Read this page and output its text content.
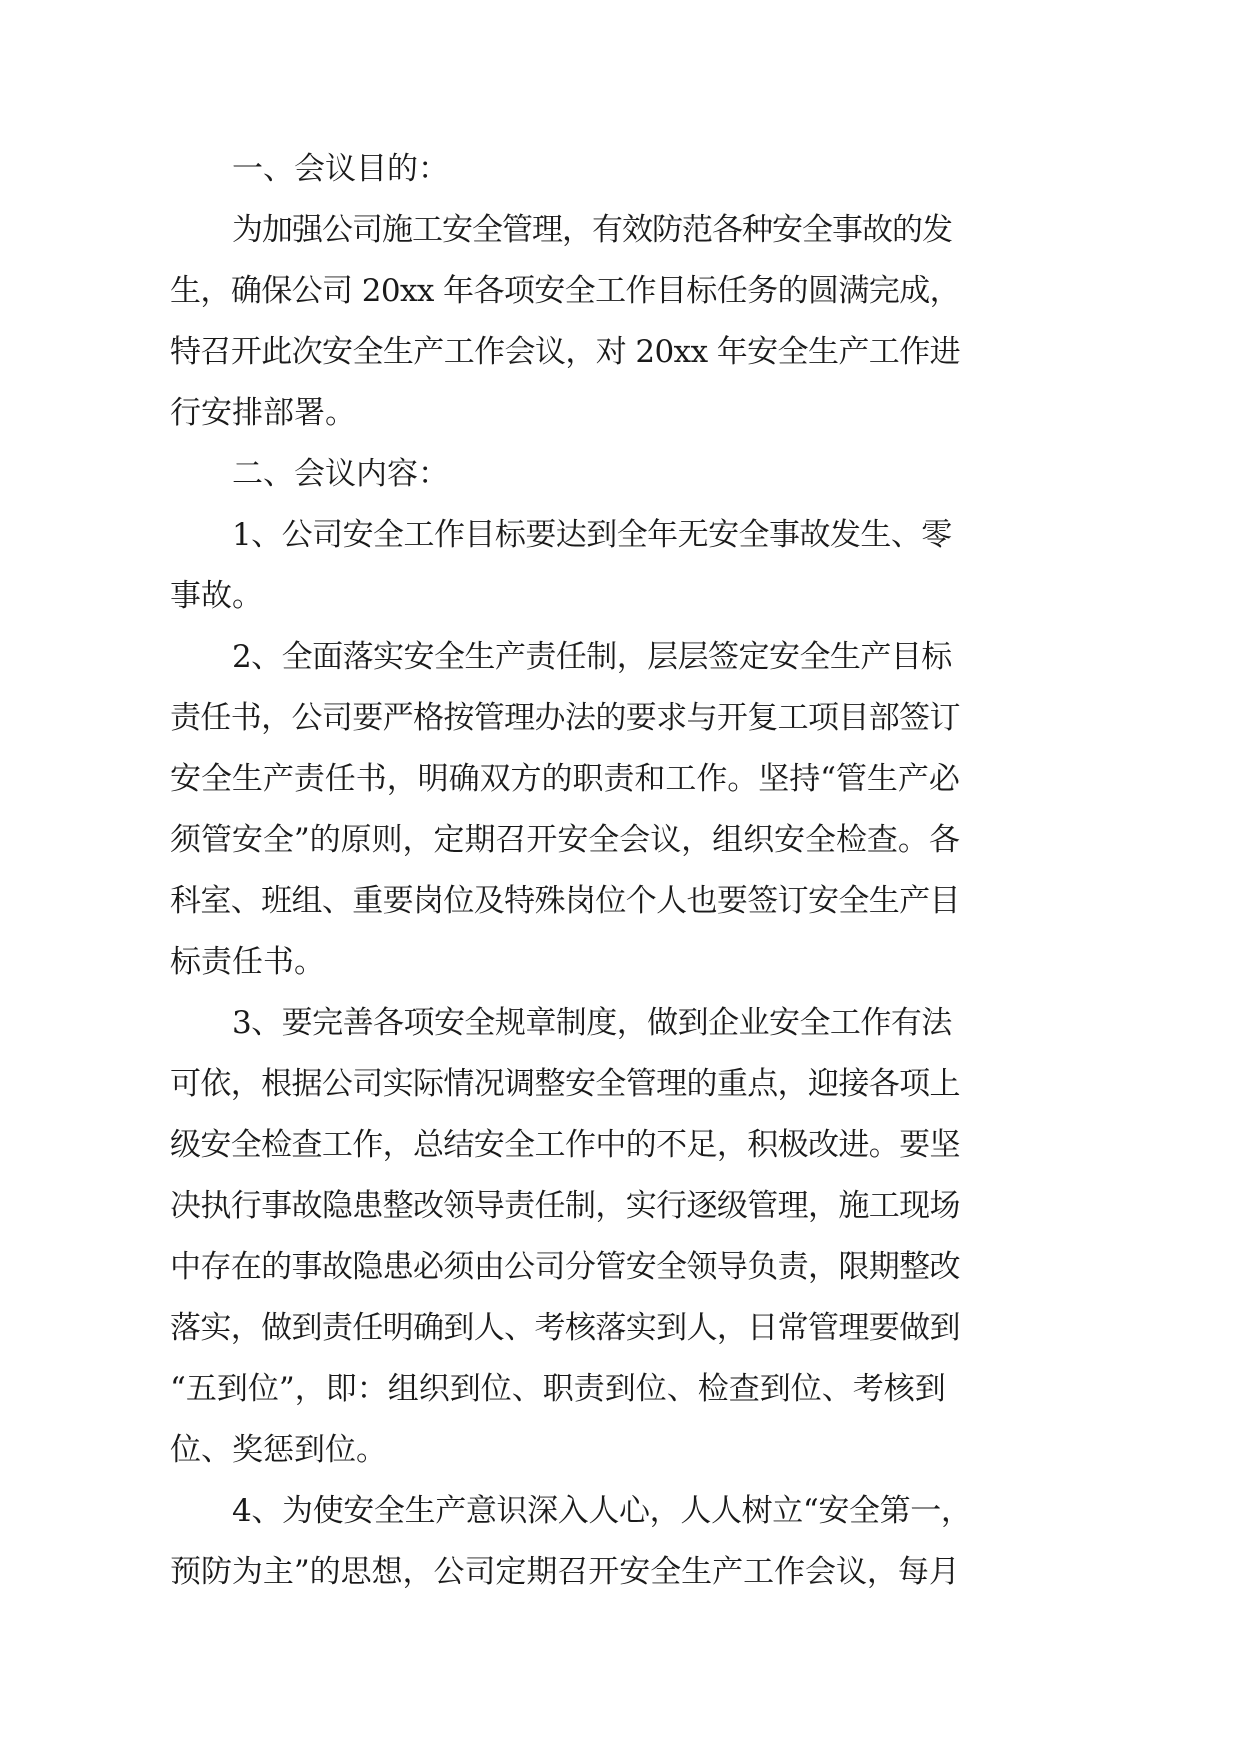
一、会议目的：
为加强公司施工安全管理，有效防范各种安全事故的发
生，确保公司 20xx 年各项安全工作目标任务的圆满完成，
特召开此次安全生产工作会议，对 20xx 年安全生产工作进
行安排部署。
二、会议内容：
1、公司安全工作目标要达到全年无安全事故发生、零
事故。
2、全面落实安全生产责任制，层层签定安全生产目标
责任书，公司要严格按管理办法的要求与开复工项目部签订
安全生产责任书，明确双方的职责和工作。坚持“管生产必
须管安全”的原则，定期召开安全会议，组织安全检查。各
科室、班组、重要岗位及特殊岗位个人也要签订安全生产目
标责任书。
3、要完善各项安全规章制度，做到企业安全工作有法
可依，根据公司实际情况调整安全管理的重点，迎接各项上
级安全检查工作，总结安全工作中的不足，积极改进。要坚
决执行事故隐患整改领导责任制，实行逐级管理，施工现场
中存在的事故隐患必须由公司分管安全领导负责，限期整改
落实，做到责任明确到人、考核落实到人，日常管理要做到
“五到位”，即：组织到位、职责到位、检查到位、考核到
位、奖惩到位。
4、为使安全生产意识深入人心，人人树立“安全第一，
预防为主”的思想，公司定期召开安全生产工作会议，每月
